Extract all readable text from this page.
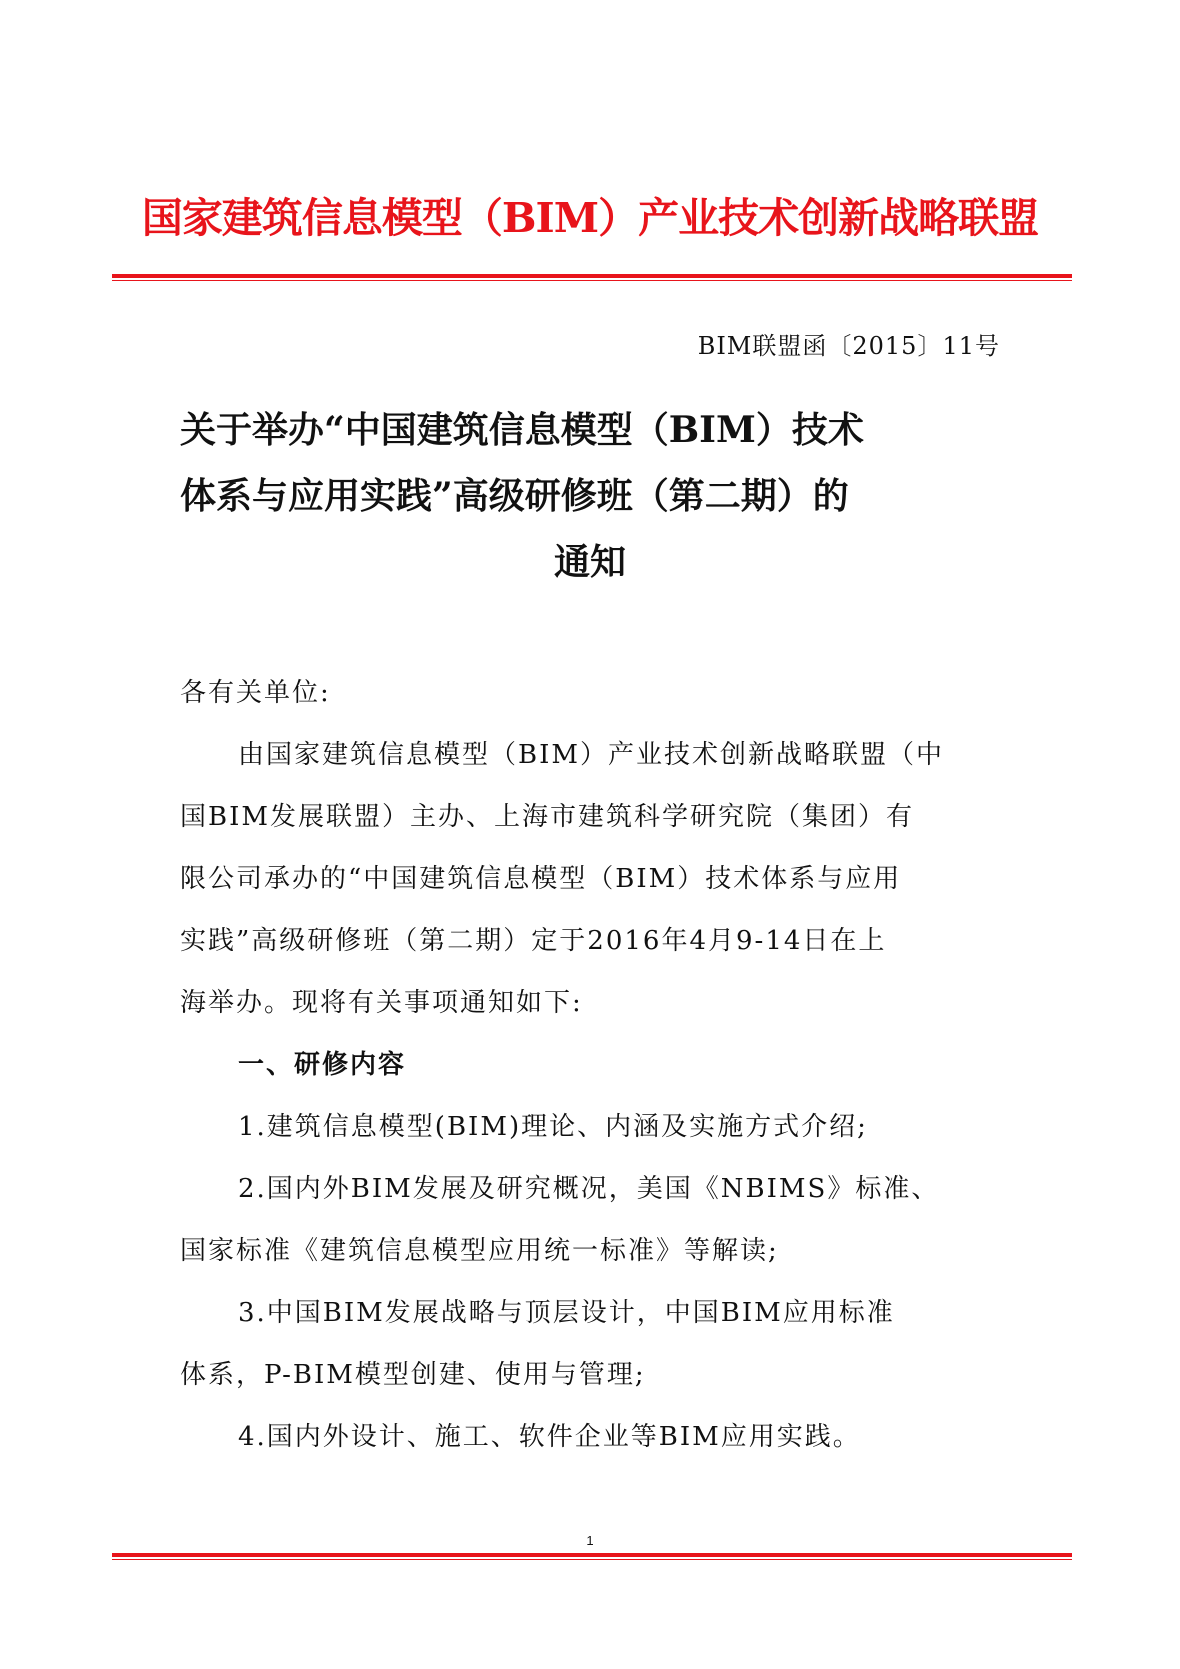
国家建筑信息模型（BIM）产业技术创新战略联盟
BIM联盟函〔2015〕11号
关于举办“中国建筑信息模型（BIM）技术
体系与应用实践”高级研修班（第二期）的
通知
各有关单位:
由国家建筑信息模型（BIM）产业技术创新战略联盟（中
国BIM发展联盟）主办、上海市建筑科学研究院（集团）有
限公司承办的“中国建筑信息模型（BIM）技术体系与应用
实践”高级研修班（第二期）定于2016年4月9-14日在上
海举办。现将有关事项通知如下:
一、研修内容
1.建筑信息模型(BIM)理论、内涵及实施方式介绍;
2.国内外BIM发展及研究概况，美国《NBIMS》标准、
国家标准《建筑信息模型应用统一标准》等解读;
3.中国BIM发展战略与顶层设计，中国BIM应用标准
体系，P-BIM模型创建、使用与管理;
4.国内外设计、施工、软件企业等BIM应用实践。
1
